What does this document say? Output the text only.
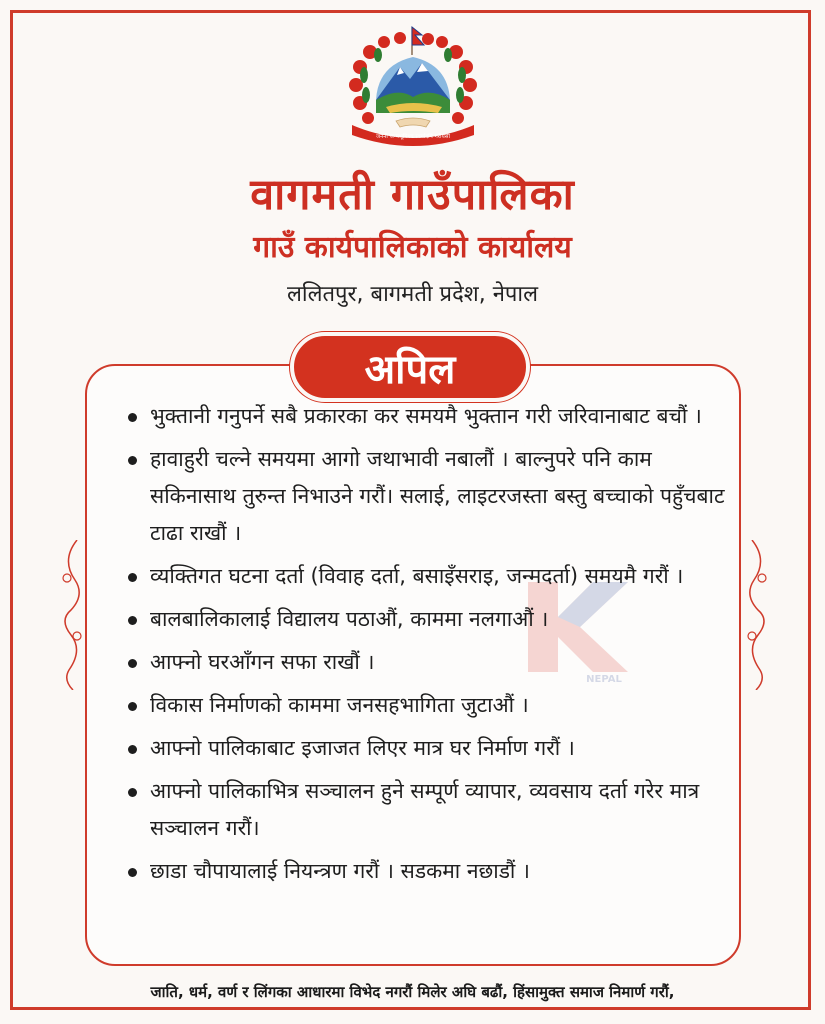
जननी जन्मभूमिश्च स्वर्गादपि गरीयसी
वागमती गाउँपालिका
गाउँ कार्यपालिकाको कार्यालय
ललितपुर, बागमती प्रदेश, नेपाल
NEPAL
अपिल
भुक्तानी गनुपर्ने सबै प्रकारका कर समयमै भुक्तान गरी जरिवानाबाट बचौं ।
हावाहुरी चल्ने समयमा आगो जथाभावी नबालौं । बाल्नुपरे पनि काम सकिनासाथ तुरुन्त निभाउने गरौं। सलाई, लाइटरजस्ता बस्तु बच्चाको पहुँचबाट टाढा राखौं ।
व्यक्तिगत घटना दर्ता (विवाह दर्ता, बसाइँसराइ, जन्मदर्ता) समयमै गरौं ।
बालबालिकालाई विद्यालय पठाऔं, काममा नलगाऔं ।
आफ्नो घरआँगन सफा राखौं ।
विकास निर्माणको काममा जनसहभागिता जुटाऔं ।
आफ्नो पालिकाबाट इजाजत लिएर मात्र घर निर्माण गरौं ।
आफ्नो पालिकाभित्र सञ्चालन हुने सम्पूर्ण व्यापार, व्यवसाय दर्ता गरेर मात्र सञ्चालन गरौं।
छाडा चौपायालाई नियन्त्रण गरौं । सडकमा नछाडौं ।
जाति, धर्म, वर्ण र लिंगका आधारमा विभेद नगरौं मिलेर अघि बढौं, हिंसामुक्त समाज निमार्ण गरौं,
